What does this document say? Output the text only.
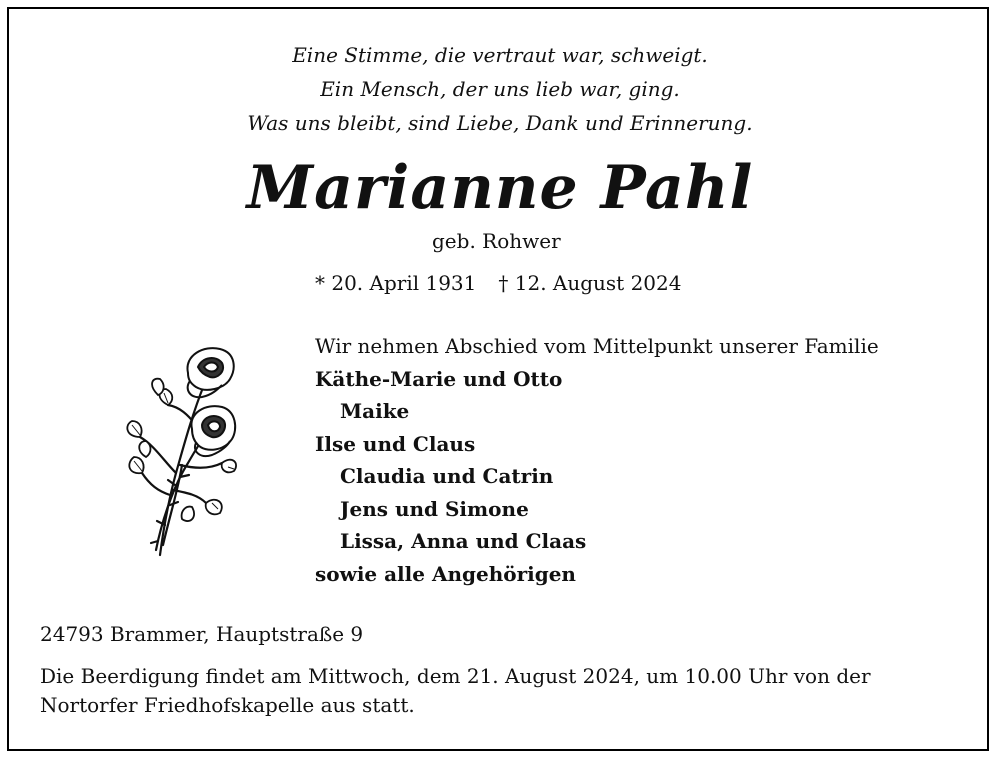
Eine Stimme, die vertraut war, schweigt.
Ein Mensch, der uns lieb war, ging.
Was uns bleibt, sind Liebe, Dank und Erinnerung.
Marianne Pahl
geb. Rohwer
* 20. April 1931 † 12. August 2024
Wir nehmen Abschied vom Mittelpunkt unserer Familie
Käthe-Marie und Otto
Maike
Ilse und Claus
Claudia und Catrin
Jens und Simone
Lissa, Anna und Claas
sowie alle Angehörigen
24793 Brammer, Hauptstraße 9
Die Beerdigung findet am Mittwoch, dem 21. August 2024, um 10.00 Uhr von der
Nortorfer Friedhofskapelle aus statt.
